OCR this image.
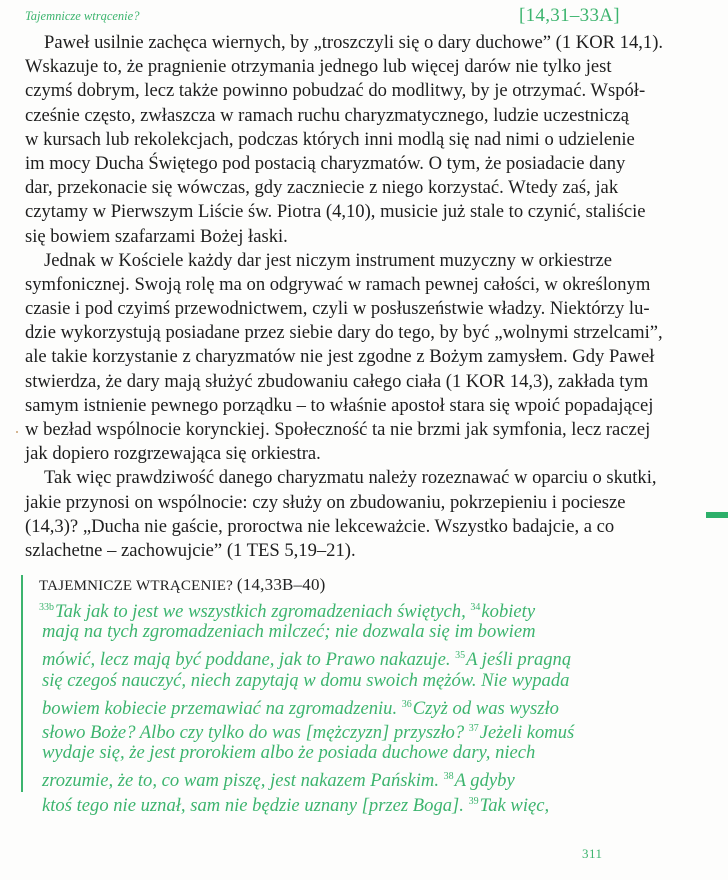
Tajemnicze wtrącenie?	[14,31–33A]
Paweł usilnie zachęca wiernych, by „troszczyli się o dary duchowe” (1 KOR 14,1).
Wskazuje to, że pragnienie otrzymania jednego lub więcej darów nie tylko jest
czymś dobrym, lecz także powinno pobudzać do modlitwy, by je otrzymać. Współ-
cześnie często, zwłaszcza w ramach ruchu charyzmatycznego, ludzie uczestniczą
w kursach lub rekolekcjach, podczas których inni modlą się nad nimi o udzielenie
im mocy Ducha Świętego pod postacią charyzmatów. O tym, że posiadacie dany
dar, przekonacie się wówczas, gdy zaczniecie z niego korzystać. Wtedy zaś, jak
czytamy w Pierwszym Liście św. Piotra (4,10), musicie już stale to czynić, staliście
się bowiem szafarzami Bożej łaski.
Jednak w Kościele każdy dar jest niczym instrument muzyczny w orkiestrze
symfonicznej. Swoją rolę ma on odgrywać w ramach pewnej całości, w określonym
czasie i pod czyimś przewodnictwem, czyli w posłuszeństwie władzy. Niektórzy lu-
dzie wykorzystują posiadane przez siebie dary do tego, by być „wolnymi strzelcami”,
ale takie korzystanie z charyzmatów nie jest zgodne z Bożym zamysłem. Gdy Paweł
stwierdza, że dary mają służyć zbudowaniu całego ciała (1 KOR 14,3), zakłada tym
samym istnienie pewnego porządku – to właśnie apostoł stara się wpoić popadającej
w bezład wspólnocie korynckiej. Społeczność ta nie brzmi jak symfonia, lecz raczej
jak dopiero rozgrzewająca się orkiestra.
Tak więc prawdziwość danego charyzmatu należy rozeznawać w oparciu o skutki,
jakie przynosi on wspólnocie: czy służy on zbudowaniu, pokrzepieniu i pociesze
(14,3)? „Ducha nie gaście, proroctwa nie lekceważcie. Wszystko badajcie, a co
szlachetne – zachowujcie” (1 TES 5,19–21).
TAJEMNICZE WTRĄCENIE? (14,33B–40)
$^{33b}$Tak jak to jest we wszystkich zgromadzeniach świętych, $^{34}$kobiety
mają na tych zgromadzeniach milczeć; nie dozwala się im bowiem
mówić, lecz mają być poddane, jak to Prawo nakazuje. $^{35}$A jeśli pragną
się czegoś nauczyć, niech zapytają w domu swoich mężów. Nie wypada
bowiem kobiecie przemawiać na zgromadzeniu. $^{36}$Czyż od was wyszło
słowo Boże? Albo czy tylko do was [mężczyzn] przyszło? $^{37}$Jeżeli komuś
wydaje się, że jest prorokiem albo że posiada duchowe dary, niech
zrozumie, że to, co wam piszę, jest nakazem Pańskim. $^{38}$A gdyby
ktoś tego nie uznał, sam nie będzie uznany [przez Boga]. $^{39}$Tak więc,
311
